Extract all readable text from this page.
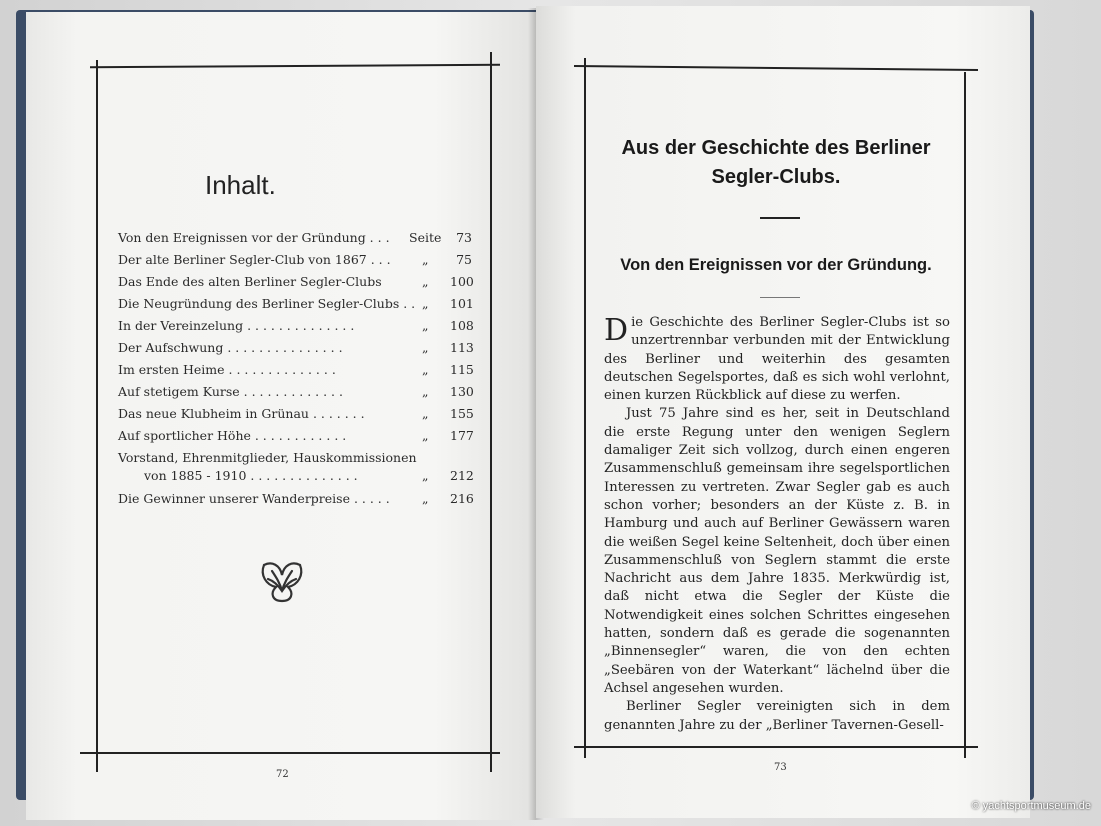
Inhalt.
Von den Ereignissen vor der Gründung . . . Seite	73
Der alte Berliner Segler-Club von 1867 . . .	„	75
Das Ende des alten Berliner Segler-Clubs	„ 100
Die Neugründung des Berliner Segler-Clubs . . „ 101
In der Vereinzelung . . . . . . . . . . . . . .	„ 108
Der Aufschwung . . . . . . . . . . . . . . .	„ 113
Im ersten Heime . . . . . . . . . . . . . .	„ 115
Auf stetigem Kurse . . . . . . . . . . . . .	„ 130
Das neue Klubheim in Grünau . . . . . . .	„ 155
Auf sportlicher Höhe . . . . . . . . . . . .	„ 177
Vorstand, Ehrenmitglieder, Hauskommissionen
von 1885 - 1910 . . . . . . . . . . . . . .	„ 212
Die Gewinner unserer Wanderpreise . . . . .	„ 216
72
Aus der Geschichte des Berliner
Segler-Clubs.
Von den Ereignissen vor der Gründung.

Die Geschichte des Berliner Segler-Clubs ist so unzertrennbar verbunden mit der Entwicklung des Berliner und weiterhin des gesamten deutschen Segelsportes, daß es sich wohl verlohnt, einen kurzen Rückblick auf diese zu werfen.

Just 75 Jahre sind es her, seit in Deutschland die erste Regung unter den wenigen Seglern damaliger Zeit sich vollzog, durch einen engeren Zusammenschluß gemeinsam ihre segelsportlichen Interessen zu vertreten. Zwar Segler gab es auch schon vorher; besonders an der Küste z. B. in Hamburg und auch auf Berliner Gewässern waren die weißen Segel keine Seltenheit, doch über einen Zusammenschluß von Seglern stammt die erste Nachricht aus dem Jahre 1835. Merkwürdig ist, daß nicht etwa die Segler der Küste die Notwendigkeit eines solchen Schrittes eingesehen hatten, sondern daß es gerade die sogenannten „Binnensegler“ waren, die von den echten „Seebären von der Waterkant“ lächelnd über die Achsel angesehen wurden.

Berliner Segler vereinigten sich in dem genannten Jahre zu der „Berliner Tavernen-Gesell-

73
© yachtsportmuseum.de
